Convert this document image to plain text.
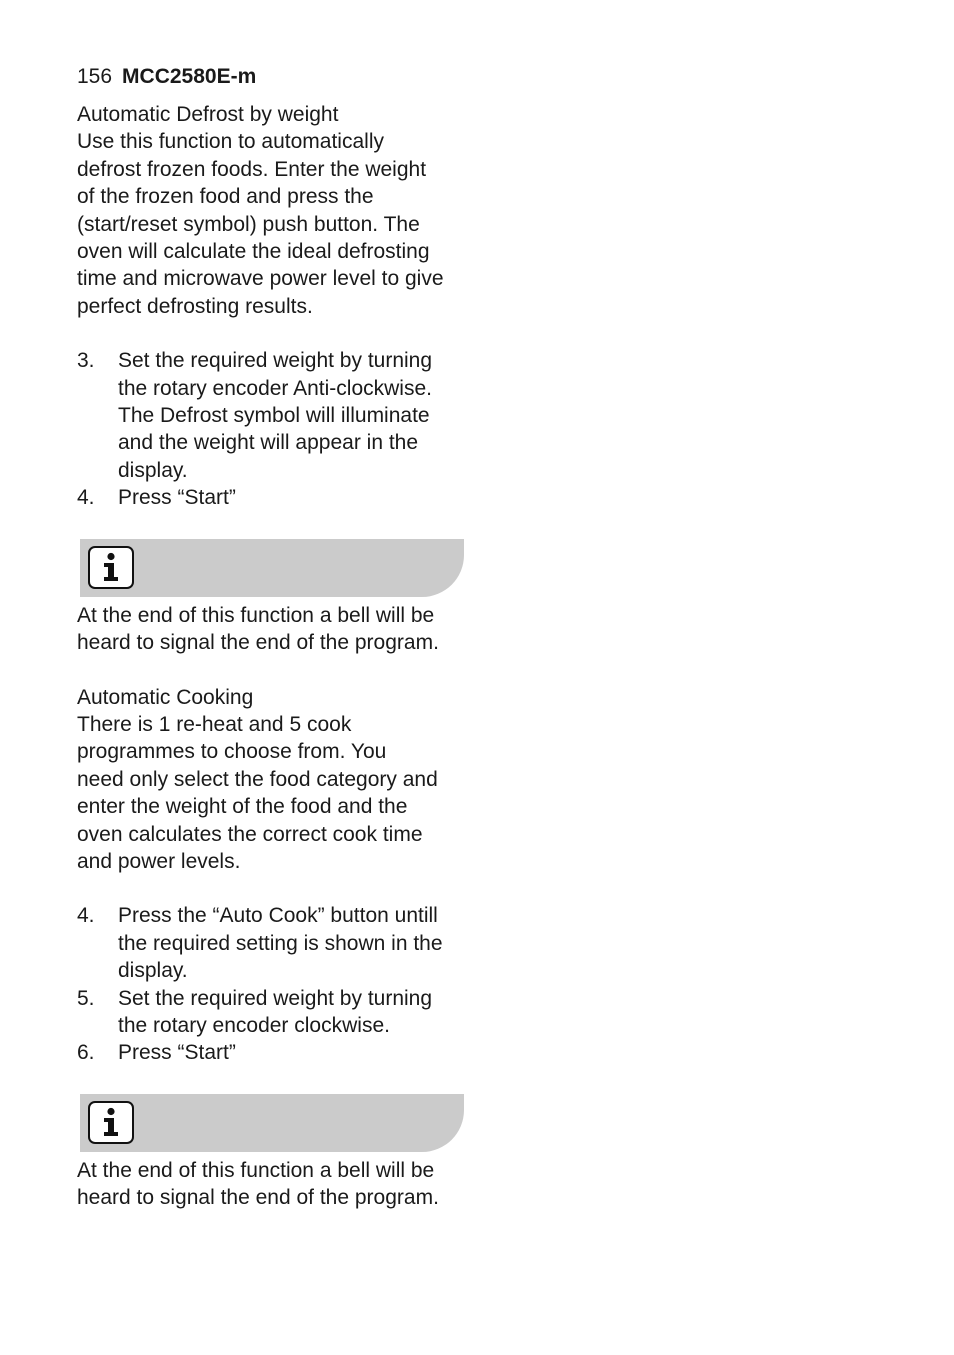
156 MCC2580E-m
Automatic Defrost by weight
Use this function to automatically
defrost frozen foods. Enter the weight
of the frozen food and press the
(start/reset symbol) push button. The
oven will calculate the ideal defrosting
time and microwave power level to give
perfect defrosting results.
3. Set the required weight by turning
the rotary encoder Anti-clockwise.
The Defrost symbol will illuminate
and the weight will appear in the
display.
4. Press “Start”
At the end of this function a bell will be
heard to signal the end of the program.
Automatic Cooking
There is 1 re-heat and 5 cook
programmes to choose from. You
need only select the food category and
enter the weight of the food and the
oven calculates the correct cook time
and power levels.
4. Press the “Auto Cook” button untill
the required setting is shown in the
display.
5. Set the required weight by turning
the rotary encoder clockwise.
6. Press “Start”
At the end of this function a bell will be
heard to signal the end of the program.
